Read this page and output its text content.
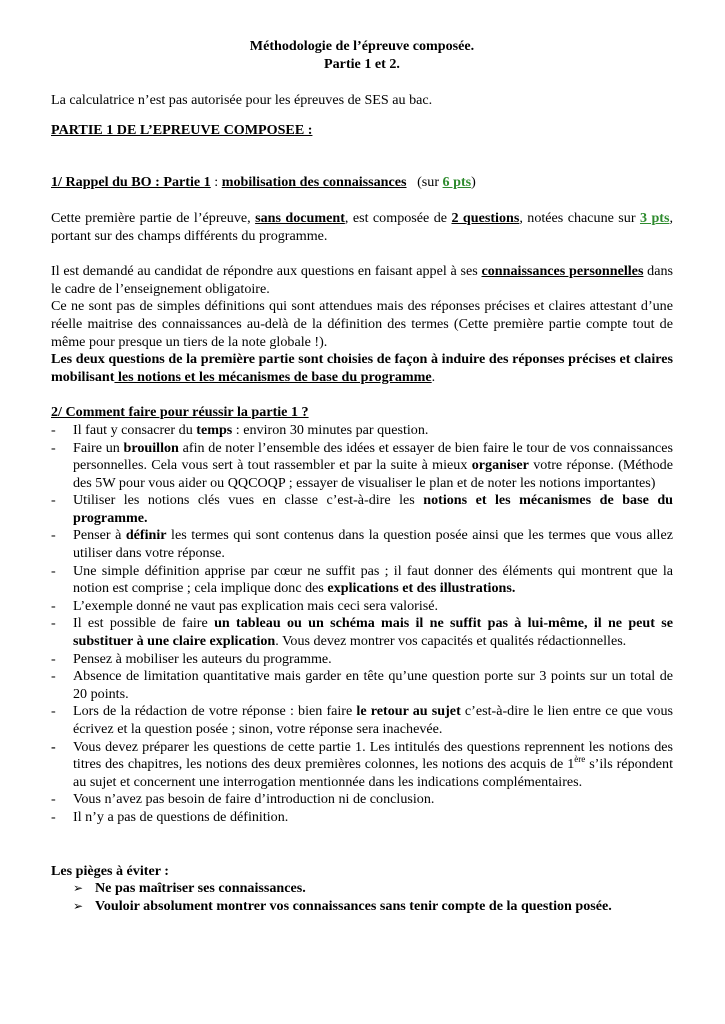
Méthodologie de l’épreuve composée.

Partie 1 et 2.

La calculatrice n’est pas autorisée pour les épreuves de SES au bac.

PARTIE 1 DE L’EPREUVE COMPOSEE :

1/ Rappel du BO : Partie 1 : mobilisation des connaissances   (sur 6 pts)

Cette première partie de l’épreuve, sans document, est composée de 2 questions, notées chacune sur 3 pts, portant sur des champs différents du programme.

Il est demandé au candidat de répondre aux questions en faisant appel à ses connaissances personnelles dans le cadre de l’enseignement obligatoire.

Ce ne sont pas de simples définitions qui sont attendues mais des réponses précises et claires attestant d’une réelle maitrise des connaissances au-delà de la définition des termes (Cette première partie compte tout de même pour presque un tiers de la note globale !).

Les deux questions de la première partie sont choisies de façon à induire des réponses précises et claires mobilisant les notions et les mécanismes de base du programme.

2/ Comment faire pour réussir la partie 1 ?

- Il faut y consacrer du temps : environ 30 minutes par question.
- Faire un brouillon afin de noter l’ensemble des idées et essayer de bien faire le tour de vos connaissances personnelles. Cela vous sert à tout rassembler et par la suite à mieux organiser votre réponse. (Méthode des 5W pour vous aider ou QQCOQP ; essayer de visualiser le plan et de noter les notions importantes)
- Utiliser les notions clés vues en classe c’est-à-dire les notions et les mécanismes de base du programme.
- Penser à définir les termes qui sont contenus dans la question posée ainsi que les termes que vous allez utiliser dans votre réponse.
- Une simple définition apprise par cœur ne suffit pas ; il faut donner des éléments qui montrent que la notion est comprise ; cela implique donc des explications et des illustrations.
- L’exemple donné ne vaut pas explication mais ceci sera valorisé.
- Il est possible de faire un tableau ou un schéma mais il ne suffit pas à lui-même, il ne peut se substituer à une claire explication. Vous devez montrer vos capacités et qualités rédactionnelles.
- Pensez à mobiliser les auteurs du programme.
- Absence de limitation quantitative mais garder en tête qu’une question porte sur 3 points sur un total de 20 points.
- Lors de la rédaction de votre réponse : bien faire le retour au sujet c’est-à-dire le lien entre ce que vous écrivez et la question posée ; sinon, votre réponse sera inachevée.
- Vous devez préparer les questions de cette partie 1. Les intitulés des questions reprennent les notions des titres des chapitres, les notions des deux premières colonnes, les notions des acquis de 1ère s’ils répondent au sujet et concernent une interrogation mentionnée dans les indications complémentaires.
- Vous n’avez pas besoin de faire d’introduction ni de conclusion.
- Il n’y a pas de questions de définition.

Les pièges à éviter :

➢ Ne pas maîtriser ses connaissances.
➢ Vouloir absolument montrer vos connaissances sans tenir compte de la question posée.
